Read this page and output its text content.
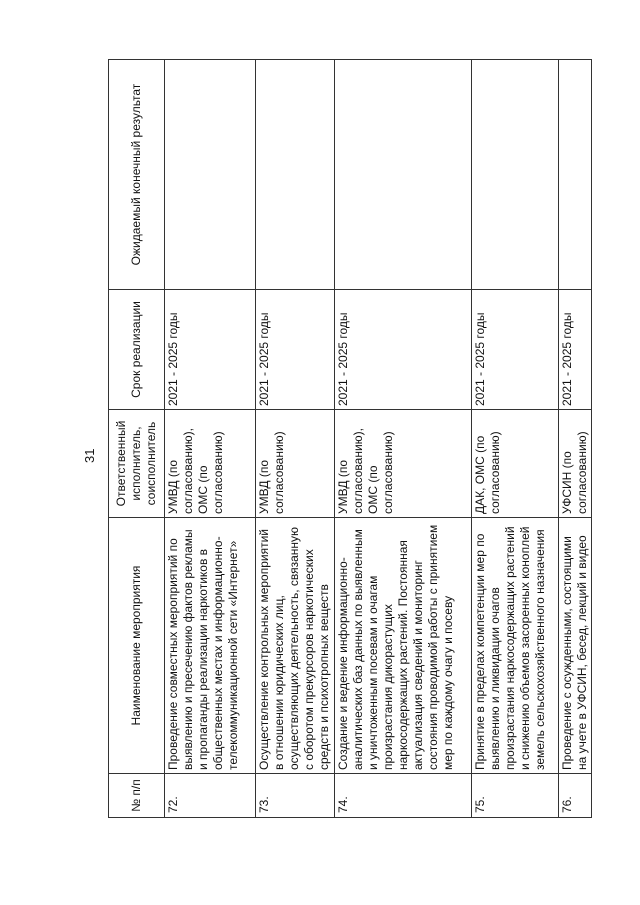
31
№ п/п	Наименование мероприятия	Ответственный исполнитель, соисполнитель	Срок реализации	Ожидаемый конечный результат
72.	Проведение совместных мероприятий по выявлению и пресечению фактов рекламы и пропаганды реализации наркотиков в общественных местах и информационно-телекоммуникационной сети «Интернет»	УМВД (по согласованию), ОМС (по согласованию)	2021 - 2025 годы	
73.	Осуществление контрольных мероприятий в отношении юридических лиц, осуществляющих деятельность, связанную с оборотом прекурсоров наркотических средств и психотропных веществ	УМВД (по согласованию)	2021 - 2025 годы	
74.	Создание и ведение информационно-аналитических баз данных по выявленным и уничтоженным посевам и очагам произрастания дикорастущих наркосодержащих растений. Постоянная актуализация сведений и мониторинг состояния проводимой работы с принятием мер по каждому очагу и посеву	УМВД (по согласованию), ОМС (по согласованию)	2021 - 2025 годы	
75.	Принятие в пределах компетенции мер по выявлению и ликвидации очагов произрастания наркосодержащих растений и снижению объемов засоренных коноплей земель сельскохозяйственного назначения	ДАК, ОМС (по согласованию)	2021 - 2025 годы	
76.	Проведение с осужденными, состоящими на учете в УФСИН, бесед, лекций и видео	УФСИН (по согласованию)	2021 - 2025 годы	
